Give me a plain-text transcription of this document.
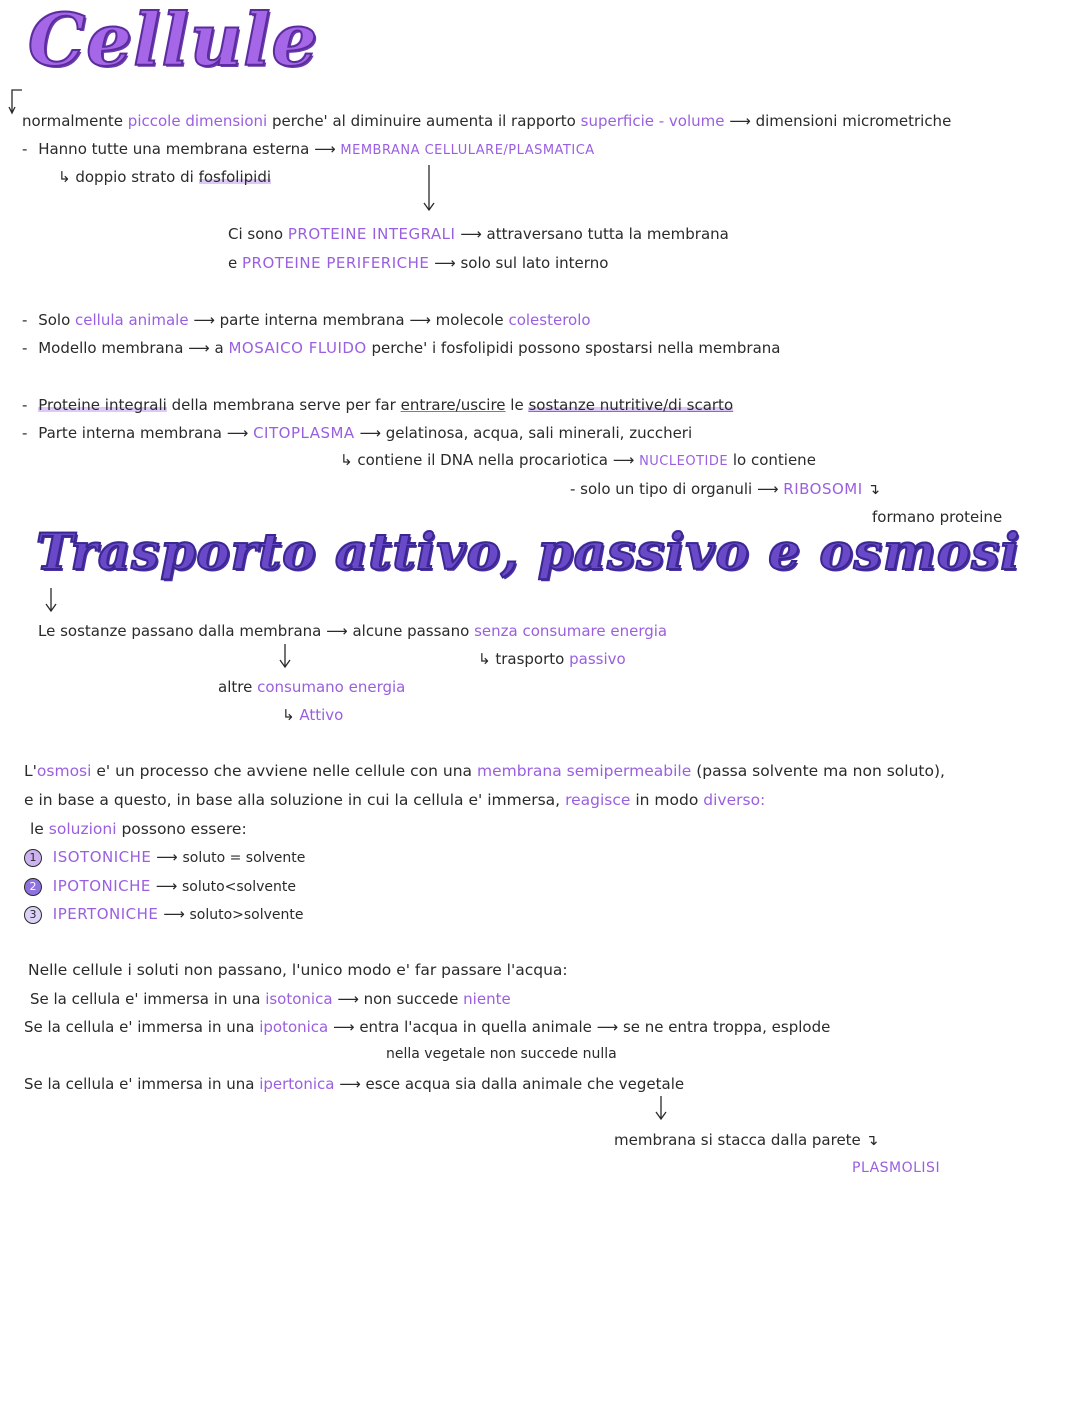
Cellule
normalmente piccole dimensioni perche' al diminuire aumenta il rapporto superficie - volume ⟶ dimensioni micrometriche
- Hanno tutte una membrana esterna ⟶ MEMBRANA CELLULARE/PLASMATICA
↳ doppio strato di fosfolipidi
Ci sono PROTEINE INTEGRALI ⟶ attraversano tutta la membrana
e PROTEINE PERIFERICHE ⟶ solo sul lato interno
- Solo cellula animale ⟶ parte interna membrana ⟶ molecole colesterolo
- Modello membrana ⟶ a MOSAICO FLUIDO perche' i fosfolipidi possono spostarsi nella membrana
- Proteine integrali della membrana serve per far entrare/uscire le sostanze nutritive/di scarto
- Parte interna membrana ⟶ CITOPLASMA ⟶ gelatinosa, acqua, sali minerali, zuccheri
↳ contiene il DNA nella procariotica ⟶ NUCLEOTIDE lo contiene
- solo un tipo di organuli ⟶ RIBOSOMI ↴
formano proteine
Trasporto attivo, passivo e osmosi
Le sostanze passano dalla membrana ⟶ alcune passano senza consumare energia
↳ trasporto passivo
altre consumano energia
↳ Attivo
L'osmosi e' un processo che avviene nelle cellule con una membrana semipermeabile (passa solvente ma non soluto),
e in base a questo, in base alla soluzione in cui la cellula e' immersa, reagisce in modo diverso:
le soluzioni possono essere:
1 ISOTONICHE ⟶ soluto = solvente
2 IPOTONICHE ⟶ soluto<solvente
3 IPERTONICHE ⟶ soluto>solvente
Nelle cellule i soluti non passano, l'unico modo e' far passare l'acqua:
Se la cellula e' immersa in una isotonica ⟶ non succede niente
Se la cellula e' immersa in una ipotonica ⟶ entra l'acqua in quella animale ⟶ se ne entra troppa, esplode
nella vegetale non succede nulla
Se la cellula e' immersa in una ipertonica ⟶ esce acqua sia dalla animale che vegetale
membrana si stacca dalla parete ↴
PLASMOLISI
